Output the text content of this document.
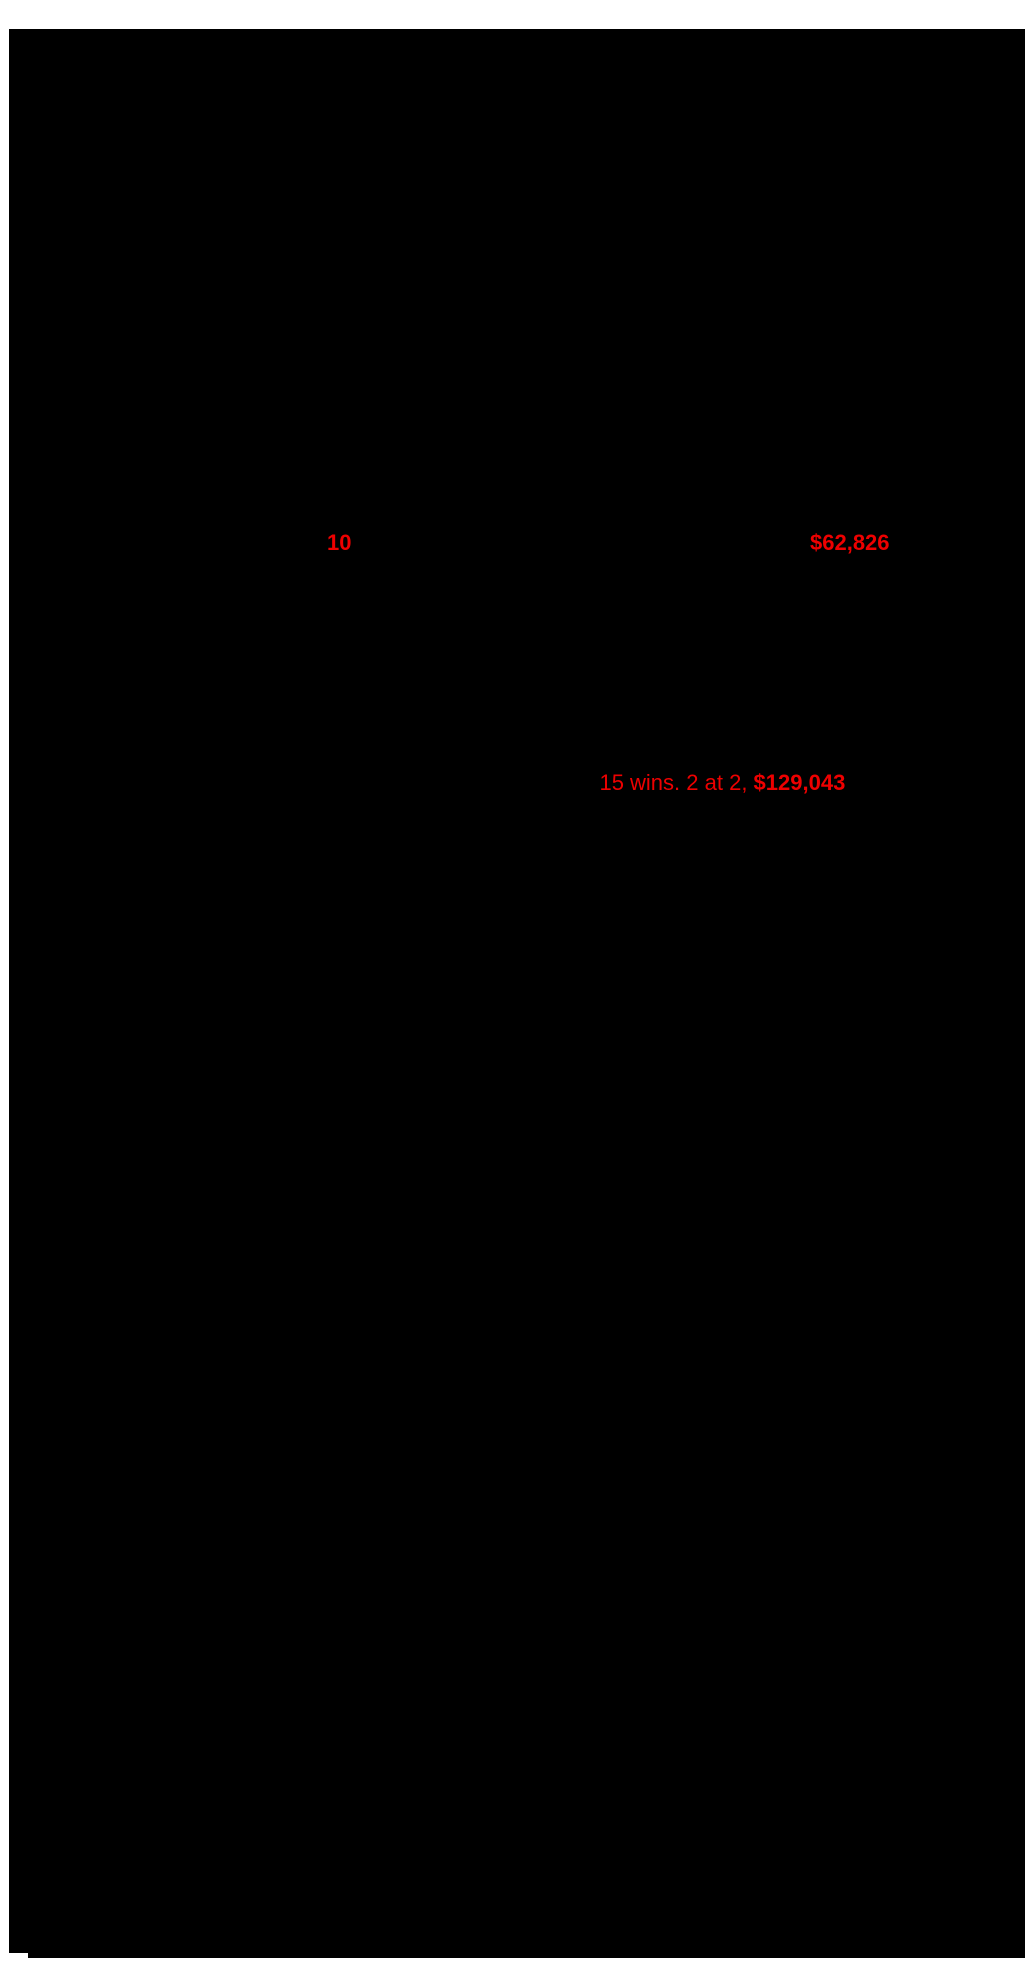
10	$62,826

15 wins. 2 at 2, $129,043
